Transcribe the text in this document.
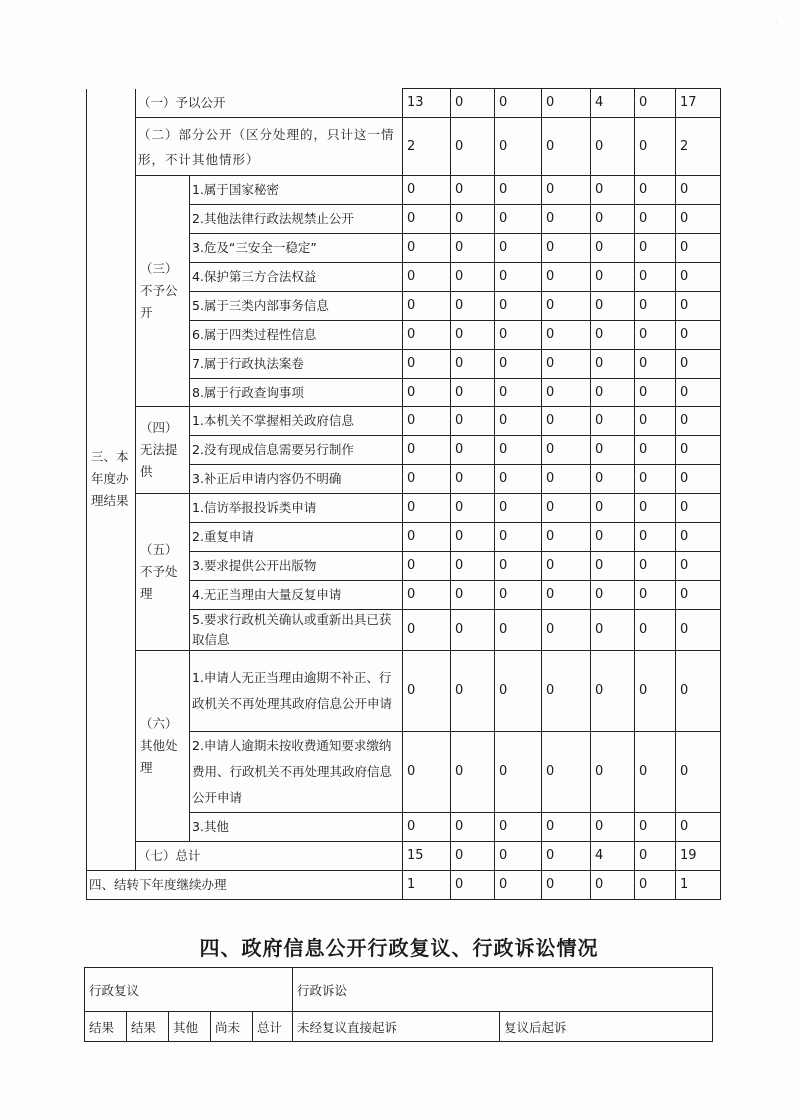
·
三、本年度办理结果	（一）予以公开		13	0	0	0	4	0	17
	（二）部分公开（区分处理的，只计这一情形，不计其他情形）		2	0	0	0	0	0	2

	（三）不予公开	1.属于国家秘密	0	0	0	0	0	0	0
		2.其他法律行政法规禁止公开	0	0	0	0	0	0	0
		3.危及“三安全一稳定”	0	0	0	0	0	0	0
		4.保护第三方合法权益	0	0	0	0	0	0	0
		5.属于三类内部事务信息	0	0	0	0	0	0	0
		6.属于四类过程性信息	0	0	0	0	0	0	0
		7.属于行政执法案卷	0	0	0	0	0	0	0
		8.属于行政查询事项	0	0	0	0	0	0	0

	（四）无法提供	1.本机关不掌握相关政府信息	0	0	0	0	0	0	0
		2.没有现成信息需要另行制作	0	0	0	0	0	0	0
		3.补正后申请内容仍不明确	0	0	0	0	0	0	0

	（五）不予处理	1.信访举报投诉类申请	0	0	0	0	0	0	0
		2.重复申请	0	0	0	0	0	0	0
		3.要求提供公开出版物	0	0	0	0	0	0	0
		4.无正当理由大量反复申请	0	0	0	0	0	0	0
		5.要求行政机关确认或重新出具已获取信息	0	0	0	0	0	0	0

	（六）其他处理	1.申请人无正当理由逾期不补正、行政机关不再处理其政府信息公开申请	0	0	0	0	0	0	0
		2.申请人逾期未按收费通知要求缴纳费用、行政机关不再处理其政府信息公开申请	0	0	0	0	0	0	0
		3.其他	0	0	0	0	0	0	0
	（七）总计		15	0	0	0	4	0	19
四、结转下年度继续办理			1	0	0	0	0	0	1
四、政府信息公开行政复议、行政诉讼情况
行政复议					行政诉讼	
结果	结果	其他	尚未	总计	未经复议直接起诉	复议后起诉
